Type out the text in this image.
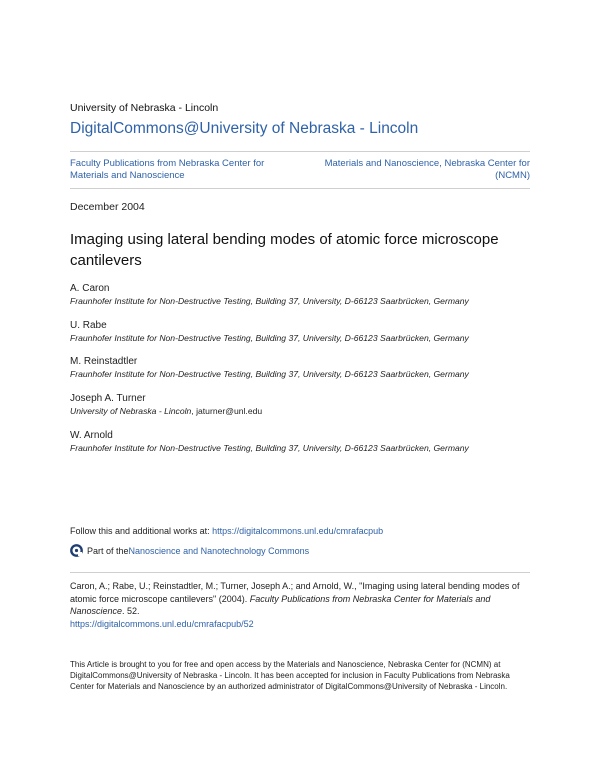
University of Nebraska - Lincoln
DigitalCommons@University of Nebraska - Lincoln
Faculty Publications from Nebraska Center for Materials and Nanoscience
Materials and Nanoscience, Nebraska Center for (NCMN)
December 2004
Imaging using lateral bending modes of atomic force microscope cantilevers
A. Caron
Fraunhofer Institute for Non-Destructive Testing, Building 37, University, D-66123 Saarbrücken, Germany
U. Rabe
Fraunhofer Institute for Non-Destructive Testing, Building 37, University, D-66123 Saarbrücken, Germany
M. Reinstadtler
Fraunhofer Institute for Non-Destructive Testing, Building 37, University, D-66123 Saarbrücken, Germany
Joseph A. Turner
University of Nebraska - Lincoln, jaturner@unl.edu
W. Arnold
Fraunhofer Institute for Non-Destructive Testing, Building 37, University, D-66123 Saarbrücken, Germany
Follow this and additional works at: https://digitalcommons.unl.edu/cmrafacpub
Part of the Nanoscience and Nanotechnology Commons
Caron, A.; Rabe, U.; Reinstadtler, M.; Turner, Joseph A.; and Arnold, W., "Imaging using lateral bending modes of atomic force microscope cantilevers" (2004). Faculty Publications from Nebraska Center for Materials and Nanoscience. 52.
https://digitalcommons.unl.edu/cmrafacpub/52
This Article is brought to you for free and open access by the Materials and Nanoscience, Nebraska Center for (NCMN) at DigitalCommons@University of Nebraska - Lincoln. It has been accepted for inclusion in Faculty Publications from Nebraska Center for Materials and Nanoscience by an authorized administrator of DigitalCommons@University of Nebraska - Lincoln.
